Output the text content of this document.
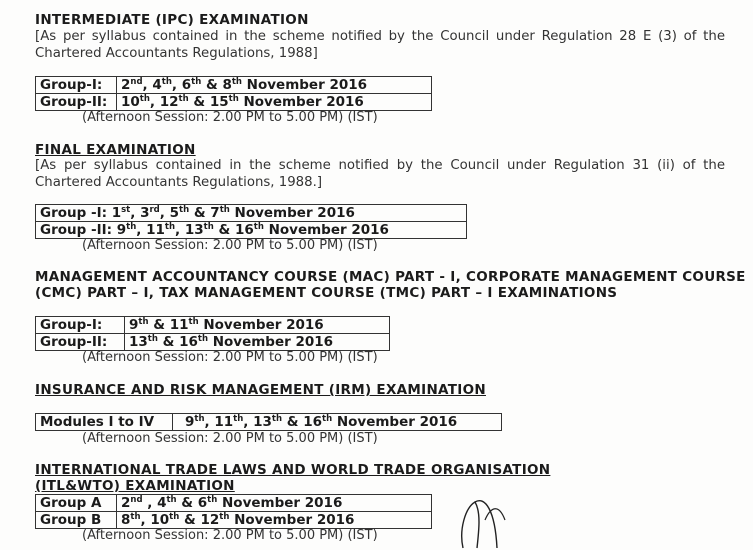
INTERMEDIATE (IPC) EXAMINATION
[As per syllabus contained in the scheme notified by the Council under Regulation 28 E (3) of the
Chartered Accountants Regulations, 1988]
Group-I:	2nd, 4th, 6th & 8th November 2016
Group-II:	10th, 12th & 15th November 2016
(Afternoon Session: 2.00 PM to 5.00 PM) (IST)
FINAL EXAMINATION
[As per syllabus contained in the scheme notified by the Council under Regulation 31 (ii) of the
Chartered Accountants Regulations, 1988.]
Group -I: 1st, 3rd, 5th & 7th November 2016
Group -II: 9th, 11th, 13th & 16th November 2016
(Afternoon Session: 2.00 PM to 5.00 PM) (IST)
MANAGEMENT ACCOUNTANCY COURSE (MAC) PART - I, CORPORATE MANAGEMENT COURSE
(CMC) PART – I, TAX MANAGEMENT COURSE (TMC) PART – I EXAMINATIONS
Group-I:	9th & 11th November 2016
Group-II:	13th & 16th November 2016
(Afternoon Session: 2.00 PM to 5.00 PM) (IST)
INSURANCE AND RISK MANAGEMENT (IRM) EXAMINATION
Modules I to IV	9th, 11th, 13th & 16th November 2016
(Afternoon Session: 2.00 PM to 5.00 PM) (IST)
INTERNATIONAL TRADE LAWS AND WORLD TRADE ORGANISATION
(ITL&WTO) EXAMINATION
Group A	2nd , 4th & 6th November 2016
Group B	8th, 10th & 12th November 2016
(Afternoon Session: 2.00 PM to 5.00 PM) (IST)
